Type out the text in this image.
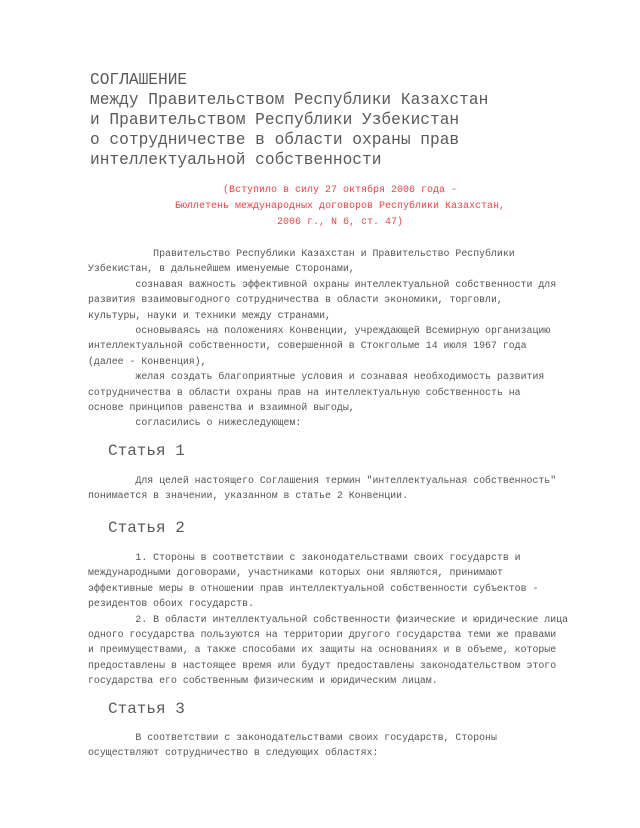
СОГЛАШЕНИЕ
между Правительством Республики Казахстан
и Правительством Республики Узбекистан
о сотрудничестве в области охраны прав
интеллектуальной собственности
(Вступило в силу 27 октября 2006 года -
Бюллетень международных договоров Республики Казахстан,
2006 г., N 6, ст. 47)
Правительство Республики Казахстан и Правительство Республики
Узбекистан, в дальнейшем именуемые Сторонами,
сознавая важность эффективной охраны интеллектуальной собственности для
развития взаимовыгодного сотрудничества в области экономики, торговли,
культуры, науки и техники между странами,
основываясь на положениях Конвенции, учреждающей Всемирную организацию
интеллектуальной собственности, совершенной в Стокгольме 14 июля 1967 года
(далее - Конвенция),
желая создать благоприятные условия и сознавая необходимость развития
сотрудничества в области охраны прав на интеллектуальную собственность на
основе принципов равенства и взаимной выгоды,
согласились о нижеследующем:
Статья 1
Для целей настоящего Соглашения термин "интеллектуальная собственность"
понимается в значении, указанном в статье 2 Конвенции.
Статья 2
1. Стороны в соответствии с законодательствами своих государств и
международными договорами, участниками которых они являются, принимают
эффективные меры в отношении прав интеллектуальной собственности субъектов -
резидентов обоих государств.
2. В области интеллектуальной собственности физические и юридические лица
одного государства пользуются на территории другого государства теми же правами
и преимуществами, а также способами их защиты на основаниях и в объеме, которые
предоставлены в настоящее время или будут предоставлены законодательством этого
государства его собственным физическим и юридическим лицам.
Статья 3
В соответствии с законодательствами своих государств, Стороны
осуществляют сотрудничество в следующих областях:
